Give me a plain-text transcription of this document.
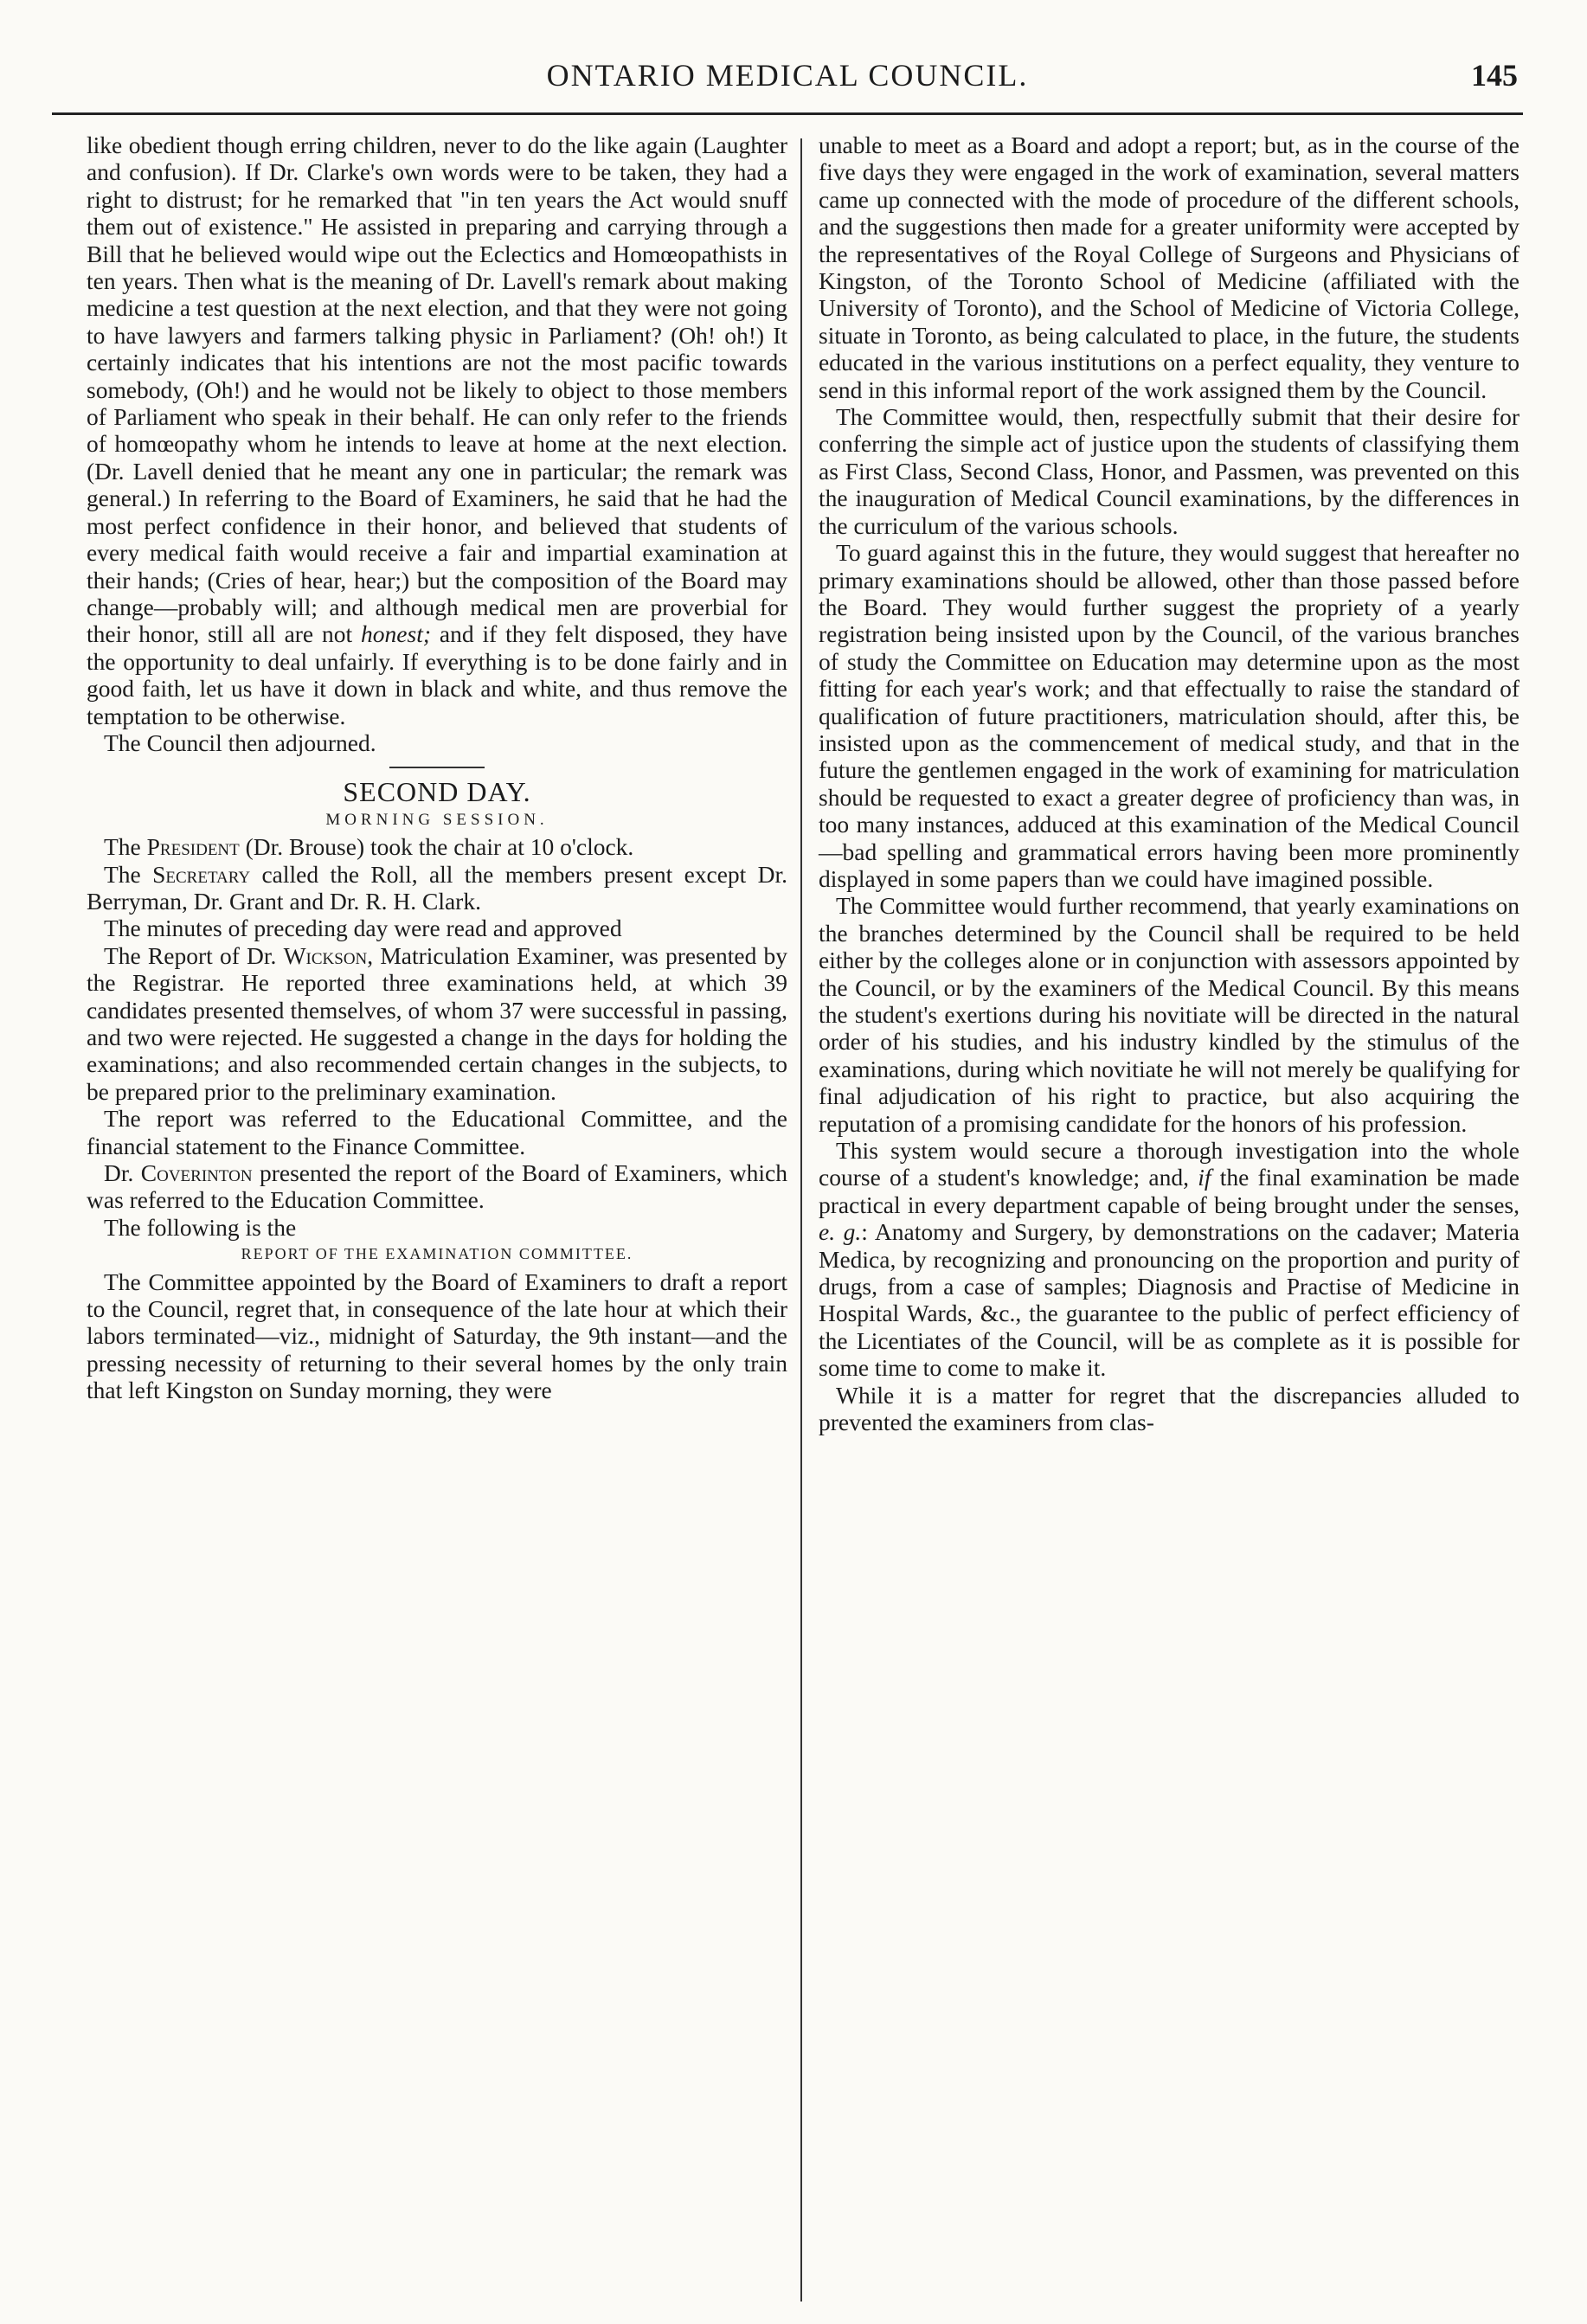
ONTARIO MEDICAL COUNCIL.	145

like obedient though erring children, never to do the like again (Laughter and confusion). If Dr. Clarke's own words were to be taken, they had a right to distrust; for he remarked that "in ten years the Act would snuff them out of existence." He assisted in preparing and carrying through a Bill that he believed would wipe out the Eclectics and Homœopathists in ten years. Then what is the meaning of Dr. Lavell's remark about making medicine a test question at the next election, and that they were not going to have lawyers and farmers talking physic in Parliament? (Oh! oh!) It certainly indicates that his intentions are not the most pacific towards somebody, (Oh!) and he would not be likely to object to those members of Parliament who speak in their behalf. He can only refer to the friends of homœopathy whom he intends to leave at home at the next election. (Dr. Lavell denied that he meant any one in particular; the remark was general.) In referring to the Board of Examiners, he said that he had the most perfect confidence in their honor, and believed that students of every medical faith would receive a fair and impartial examination at their hands; (Cries of hear, hear;) but the composition of the Board may change—probably will; and although medical men are proverbial for their honor, still all are not honest; and if they felt disposed, they have the opportunity to deal unfairly. If everything is to be done fairly and in good faith, let us have it down in black and white, and thus remove the temptation to be otherwise.

The Council then adjourned.

SECOND DAY.

MORNING SESSION.

The President (Dr. Brouse) took the chair at 10 o'clock.

The Secretary called the Roll, all the members present except Dr. Berryman, Dr. Grant and Dr. R. H. Clark.

The minutes of preceding day were read and approved

The Report of Dr. Wickson, Matriculation Examiner, was presented by the Registrar. He reported three examinations held, at which 39 candidates presented themselves, of whom 37 were successful in passing, and two were rejected. He suggested a change in the days for holding the examinations; and also recommended certain changes in the subjects, to be prepared prior to the preliminary examination.

The report was referred to the Educational Committee, and the financial statement to the Finance Committee.

Dr. Coverinton presented the report of the Board of Examiners, which was referred to the Education Committee.

The following is the

REPORT OF THE EXAMINATION COMMITTEE.

The Committee appointed by the Board of Examiners to draft a report to the Council, regret that, in consequence of the late hour at which their labors terminated—viz., midnight of Saturday, the 9th instant—and the pressing necessity of returning to their several homes by the only train that left Kingston on Sunday morning, they were

unable to meet as a Board and adopt a report; but, as in the course of the five days they were engaged in the work of examination, several matters came up connected with the mode of procedure of the different schools, and the suggestions then made for a greater uniformity were accepted by the representatives of the Royal College of Surgeons and Physicians of Kingston, of the Toronto School of Medicine (affiliated with the University of Toronto), and the School of Medicine of Victoria College, situate in Toronto, as being calculated to place, in the future, the students educated in the various institutions on a perfect equality, they venture to send in this informal report of the work assigned them by the Council.

The Committee would, then, respectfully submit that their desire for conferring the simple act of justice upon the students of classifying them as First Class, Second Class, Honor, and Passmen, was prevented on this the inauguration of Medical Council examinations, by the differences in the curriculum of the various schools.

To guard against this in the future, they would suggest that hereafter no primary examinations should be allowed, other than those passed before the Board. They would further suggest the propriety of a yearly registration being insisted upon by the Council, of the various branches of study the Committee on Education may determine upon as the most fitting for each year's work; and that effectually to raise the standard of qualification of future practitioners, matriculation should, after this, be insisted upon as the commencement of medical study, and that in the future the gentlemen engaged in the work of examining for matriculation should be requested to exact a greater degree of proficiency than was, in too many instances, adduced at this examination of the Medical Council—bad spelling and grammatical errors having been more prominently displayed in some papers than we could have imagined possible.

The Committee would further recommend, that yearly examinations on the branches determined by the Council shall be required to be held either by the colleges alone or in conjunction with assessors appointed by the Council, or by the examiners of the Medical Council. By this means the student's exertions during his novitiate will be directed in the natural order of his studies, and his industry kindled by the stimulus of the examinations, during which novitiate he will not merely be qualifying for final adjudication of his right to practice, but also acquiring the reputation of a promising candidate for the honors of his profession.

This system would secure a thorough investigation into the whole course of a student's knowledge; and, if the final examination be made practical in every department capable of being brought under the senses, e. g.: Anatomy and Surgery, by demonstrations on the cadaver; Materia Medica, by recognizing and pronouncing on the proportion and purity of drugs, from a case of samples; Diagnosis and Practise of Medicine in Hospital Wards, &c., the guarantee to the public of perfect efficiency of the Licentiates of the Council, will be as complete as it is possible for some time to come to make it.

While it is a matter for regret that the discrepancies alluded to prevented the examiners from clas-
